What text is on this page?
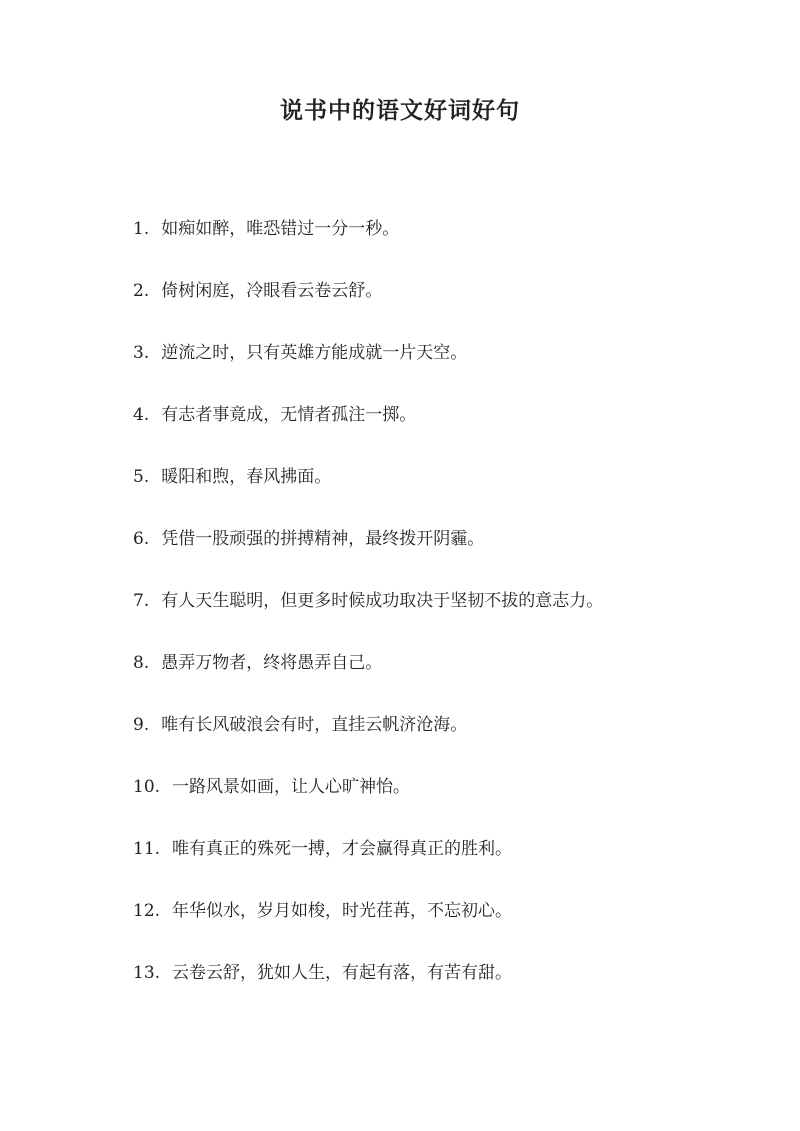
说书中的语文好词好句
1. 如痴如醉，唯恐错过一分一秒。
2. 倚树闲庭，冷眼看云卷云舒。
3. 逆流之时，只有英雄方能成就一片天空。
4. 有志者事竟成，无情者孤注一掷。
5. 暖阳和煦，春风拂面。
6. 凭借一股顽强的拼搏精神，最终拨开阴霾。
7. 有人天生聪明，但更多时候成功取决于坚韧不拔的意志力。
8. 愚弄万物者，终将愚弄自己。
9. 唯有长风破浪会有时，直挂云帆济沧海。
10. 一路风景如画，让人心旷神怡。
11. 唯有真正的殊死一搏，才会赢得真正的胜利。
12. 年华似水，岁月如梭，时光荏苒，不忘初心。
13. 云卷云舒，犹如人生，有起有落，有苦有甜。
